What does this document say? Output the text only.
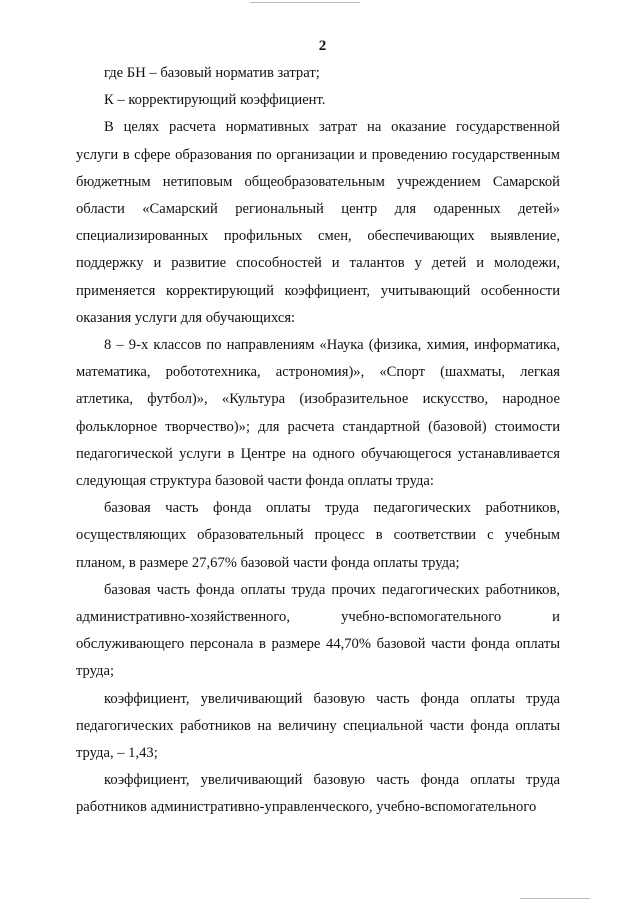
2

где БН – базовый норматив затрат;

К – корректирующий коэффициент.

В целях расчета нормативных затрат на оказание государственной услуги в сфере образования по организации и проведению государственным бюджетным нетиповым общеобразовательным учреждением Самарской области «Самарский региональный центр для одаренных детей» специализированных профильных смен, обеспечивающих выявление, поддержку и развитие способностей и талантов у детей и молодежи, применяется корректирующий коэффициент, учитывающий особенности оказания услуги для обучающихся:

8 – 9-х классов по направлениям «Наука (физика, химия, информатика, математика, робототехника, астрономия)», «Спорт (шахматы, легкая атлетика, футбол)», «Культура (изобразительное искусство, народное фольклорное творчество)»; для расчета стандартной (базовой) стоимости педагогической услуги в Центре на одного обучающегося устанавливается следующая структура базовой части фонда оплаты труда:

базовая часть фонда оплаты труда педагогических работников, осуществляющих образовательный процесс в соответствии с учебным планом, в размере 27,67% базовой части фонда оплаты труда;

базовая часть фонда оплаты труда прочих педагогических работников, административно-хозяйственного, учебно-вспомогательного и обслуживающего персонала в размере 44,70% базовой части фонда оплаты труда;

коэффициент, увеличивающий базовую часть фонда оплаты труда педагогических работников на величину специальной части фонда оплаты труда, – 1,43;

коэффициент, увеличивающий базовую часть фонда оплаты труда работников административно-управленческого, учебно-вспомогательного
